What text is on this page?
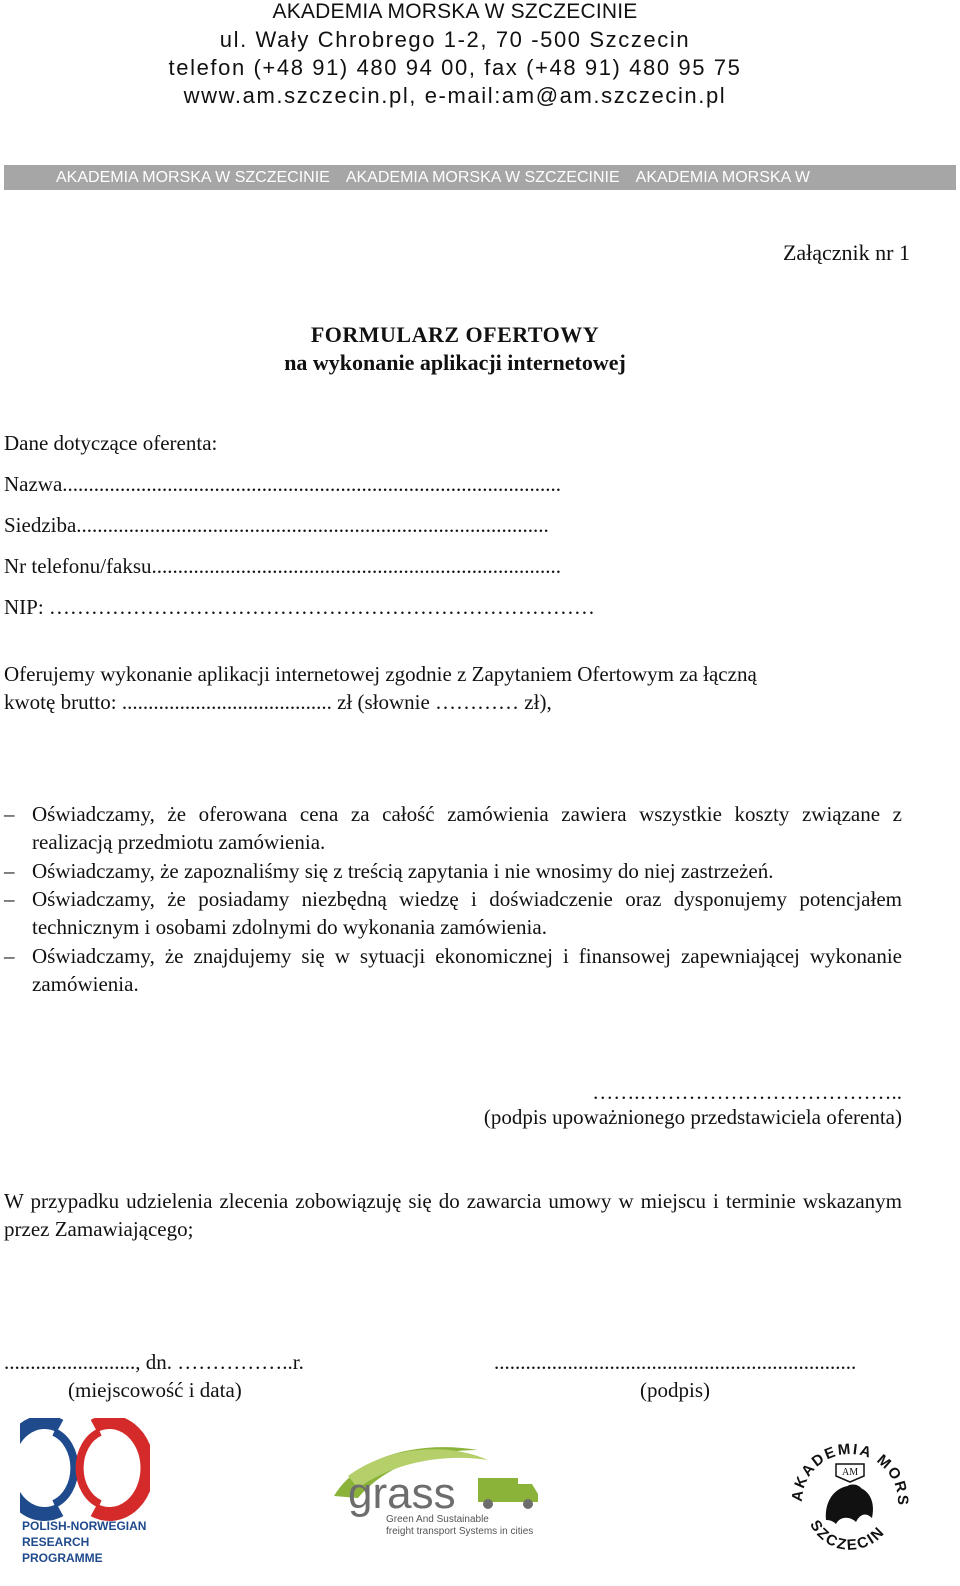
AKADEMIA MORSKA W SZCZECINIE
ul. Wały Chrobrego 1-2, 70 -500 Szczecin
telefon (+48 91) 480 94 00, fax (+48 91) 480 95 75
www.am.szczecin.pl, e-mail:am@am.szczecin.pl
AKADEMIA MORSKA W SZCZECINIE AKADEMIA MORSKA W SZCZECINIE AKADEMIA MORSKA W
Załącznik nr 1
FORMULARZ OFERTOWY
na wykonanie aplikacji internetowej
Dane dotyczące oferenta:
Nazwa...............................................................................................
Siedziba..........................................................................................
Nr telefonu/faksu..............................................................................
NIP: ……………………………………………………………………
Oferujemy wykonanie aplikacji internetowej zgodnie z Zapytaniem Ofertowym za łączną
kwotę brutto: ........................................ zł (słownie ………… zł),
– Oświadczamy, że oferowana cena za całość zamówienia zawiera wszystkie koszty związane z realizacją przedmiotu zamówienia.
– Oświadczamy, że zapoznaliśmy się z treścią zapytania i nie wnosimy do niej zastrzeżeń.
– Oświadczamy, że posiadamy niezbędną wiedzę i doświadczenie oraz dysponujemy potencjałem technicznym i osobami zdolnymi do wykonania zamówienia.
– Oświadczamy, że znajdujemy się w sytuacji ekonomicznej i finansowej zapewniającej wykonanie zamówienia.
…….………………………………..
(podpis upoważnionego przedstawiciela oferenta)
W przypadku udzielenia zlecenia zobowiązuję się do zawarcia umowy w miejscu i terminie wskazanym przez Zamawiającego;
........................., dn. ……………..r.	.....................................................................
(miejscowość i data)	(podpis)
POLISH-NORWEGIAN
RESEARCH
PROGRAMME
grass
Green And Sustainable
freight transport Systems in cities
AKADEMIA MORS
SZCZECIN
AM
